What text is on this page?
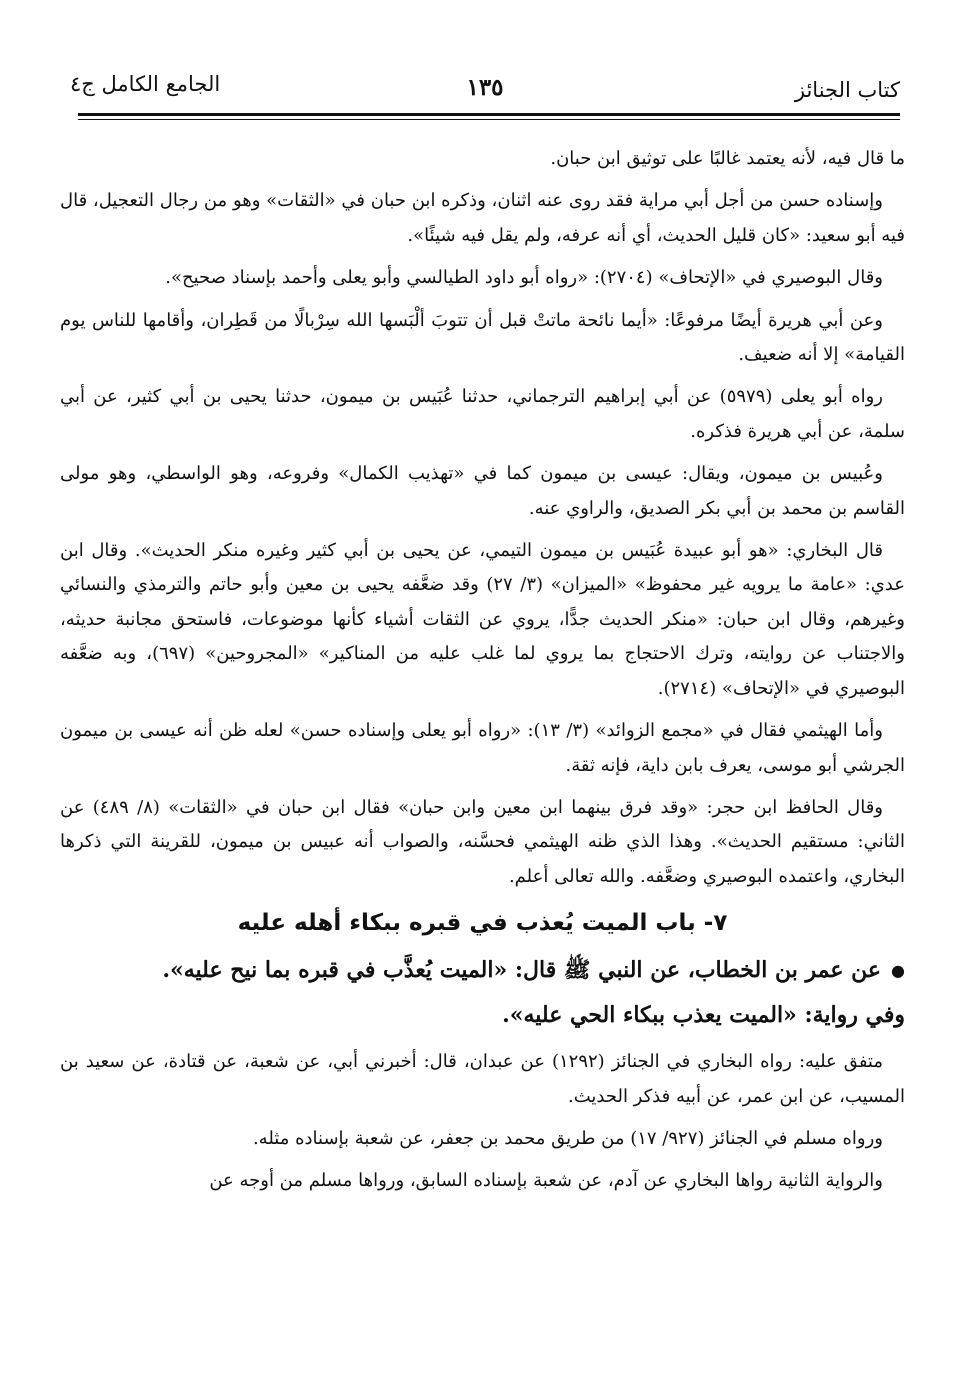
كتاب الجنائز
١٣٥
الجامع الكامل ج٤

ما قال فيه، لأنه يعتمد غالبًا على توثيق ابن حبان.

وإسناده حسن من أجل أبي مراية فقد روى عنه اثنان، وذكره ابن حبان في «الثقات» وهو من رجال التعجيل، قال فيه أبو سعيد: «كان قليل الحديث، أي أنه عرفه، ولم يقل فيه شيئًا».

وقال البوصيري في «الإتحاف» (٢٧٠٤): «رواه أبو داود الطيالسي وأبو يعلى وأحمد بإسناد صحيح».

وعن أبي هريرة أيضًا مرفوعًا: «أيما نائحة ماتتْ قبل أن تتوبَ ألْبَسها الله سِرْبالًا من قَطِران، وأقامها للناس يوم القيامة» إلا أنه ضعيف.

رواه أبو يعلى (٥٩٧٩) عن أبي إبراهيم الترجماني، حدثنا عُبَيس بن ميمون، حدثنا يحيى بن أبي كثير، عن أبي سلمة، عن أبي هريرة فذكره.

وعُبيس بن ميمون، ويقال: عيسى بن ميمون كما في «تهذيب الكمال» وفروعه، وهو الواسطي، وهو مولى القاسم بن محمد بن أبي بكر الصديق، والراوي عنه.

قال البخاري: «هو أبو عبيدة عُبَيس بن ميمون التيمي، عن يحيى بن أبي كثير وغيره منكر الحديث». وقال ابن عدي: «عامة ما يرويه غير محفوظ» «الميزان» (٣/ ٢٧) وقد ضعَّفه يحيى بن معين وأبو حاتم والترمذي والنسائي وغيرهم، وقال ابن حبان: «منكر الحديث جدًّا، يروي عن الثقات أشياء كأنها موضوعات، فاستحق مجانبة حديثه، والاجتناب عن روايته، وترك الاحتجاج بما يروي لما غلب عليه من المناكير» «المجروحين» (٦٩٧)، وبه ضعَّفه البوصيري في «الإتحاف» (٢٧١٤).

وأما الهيثمي فقال في «مجمع الزوائد» (٣/ ١٣): «رواه أبو يعلى وإسناده حسن» لعله ظن أنه عيسى بن ميمون الجرشي أبو موسى، يعرف بابن داية، فإنه ثقة.

وقال الحافظ ابن حجر: «وقد فرق بينهما ابن معين وابن حبان» فقال ابن حبان في «الثقات» (٨/ ٤٨٩) عن الثاني: مستقيم الحديث». وهذا الذي ظنه الهيثمي فحسَّنه، والصواب أنه عبيس بن ميمون، للقرينة التي ذكرها البخاري، واعتمده البوصيري وضعَّفه. والله تعالى أعلم.

٧- باب الميت يُعذب في قبره ببكاء أهله عليه

●عن عمر بن الخطاب، عن النبي ﷺ قال: «الميت يُعذَّب في قبره بما نيح عليه».

وفي رواية: «الميت يعذب ببكاء الحي عليه».

متفق عليه: رواه البخاري في الجنائز (١٢٩٢) عن عبدان، قال: أخبرني أبي، عن شعبة، عن قتادة، عن سعيد بن المسيب، عن ابن عمر، عن أبيه فذكر الحديث.

ورواه مسلم في الجنائز (٩٢٧/ ١٧) من طريق محمد بن جعفر، عن شعبة بإسناده مثله.

والرواية الثانية رواها البخاري عن آدم، عن شعبة بإسناده السابق، ورواها مسلم من أوجه عن
